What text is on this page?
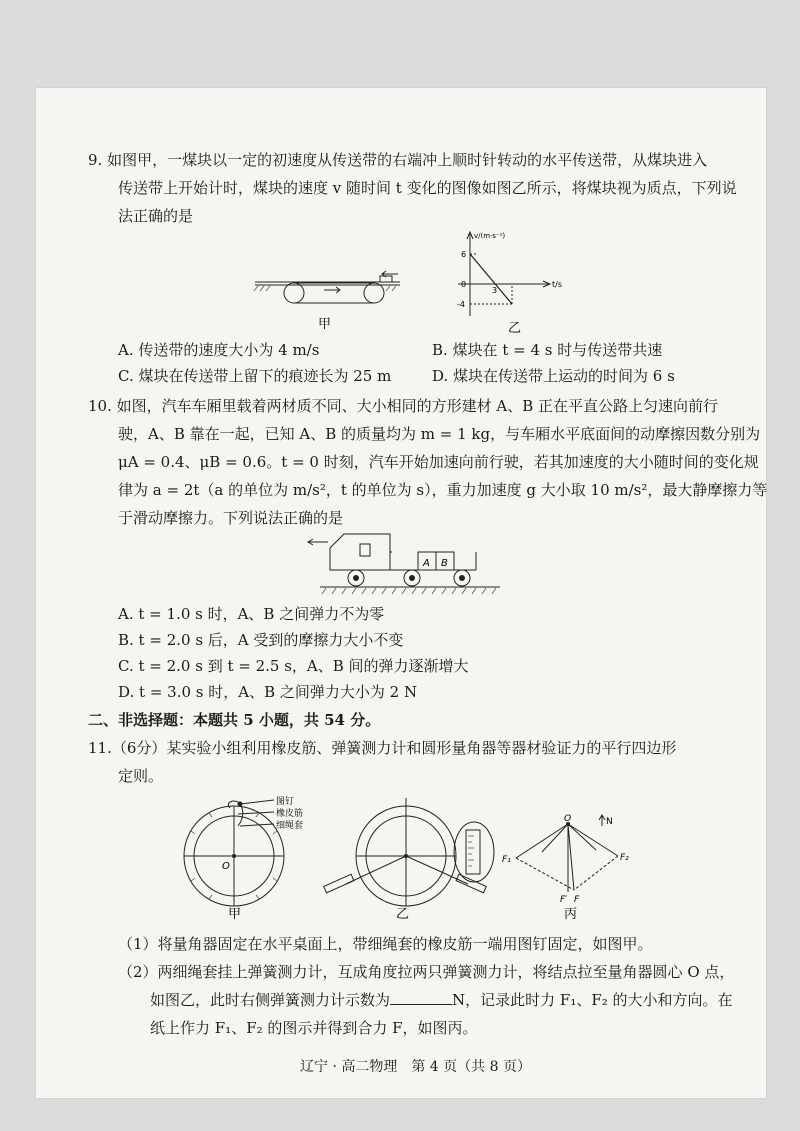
9. 如图甲，一煤块以一定的初速度从传送带的右端冲上顺时针转动的水平传送带，从煤块进入
传送带上开始计时，煤块的速度 v 随时间 t 变化的图像如图乙所示，将煤块视为质点，下列说
法正确的是
甲
v/(m·s⁻¹)
t/s
6
0
-4
3
乙
A. 传送带的速度大小为 4 m/s	B. 煤块在 t = 4 s 时与传送带共速
C. 煤块在传送带上留下的痕迹长为 25 m	D. 煤块在传送带上运动的时间为 6 s
10. 如图，汽车车厢里载着两材质不同、大小相同的方形建材 A、B 正在平直公路上匀速向前行
驶，A、B 靠在一起，已知 A、B 的质量均为 m = 1 kg，与车厢水平底面间的动摩擦因数分别为
μA = 0.4、μB = 0.6。t = 0 时刻，汽车开始加速向前行驶，若其加速度的大小随时间的变化规
律为 a = 2t（a 的单位为 m/s²，t 的单位为 s），重力加速度 g 大小取 10 m/s²，最大静摩擦力等
于滑动摩擦力。下列说法正确的是
A B
A. t = 1.0 s 时，A、B 之间弹力不为零
B. t = 2.0 s 后，A 受到的摩擦力大小不变
C. t = 2.0 s 到 t = 2.5 s，A、B 间的弹力逐渐增大
D. t = 3.0 s 时，A、B 之间弹力大小为 2 N
二、非选择题：本题共 5 小题，共 54 分。
11.（6分）某实验小组利用橡皮筋、弹簧测力计和圆形量角器等器材验证力的平行四边形
定则。
O
图钉
橡皮筋
细绳套
甲	乙
O	N
F₁	F₂
F′ F
丙
（1）将量角器固定在水平桌面上，带细绳套的橡皮筋一端用图钉固定，如图甲。
（2）两细绳套挂上弹簧测力计，互成角度拉两只弹簧测力计，将结点拉至量角器圆心 O 点，
如图乙，此时右侧弹簧测力计示数为	N，记录此时力 F₁、F₂ 的大小和方向。在
纸上作力 F₁、F₂ 的图示并得到合力 F，如图丙。
辽宁 · 高二物理　第 4 页（共 8 页）
